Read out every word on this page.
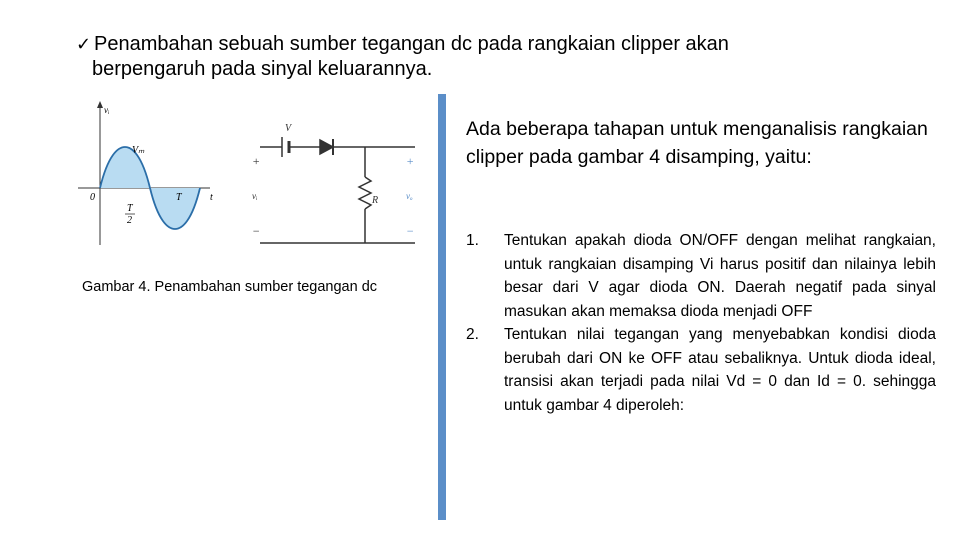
✓ Penambahan sebuah sumber tegangan dc pada rangkaian clipper akan
berpengaruh pada sinyal keluarannya.
vᵢ
Vₘ
0
T
2
T	t
V
R
+
vᵢ
−
+
vₒ
−
Gambar 4. Penambahan sumber tegangan dc
Ada beberapa tahapan untuk menganalisis rangkaian clipper pada gambar 4 disamping, yaitu:
1. Tentukan apakah dioda ON/OFF dengan melihat rangkaian, untuk rangkaian disamping Vi harus positif dan nilainya lebih besar dari V agar dioda ON. Daerah negatif pada sinyal masukan akan memaksa dioda menjadi OFF
2. Tentukan nilai tegangan yang menyebabkan kondisi dioda berubah dari ON ke OFF atau sebaliknya. Untuk dioda ideal, transisi akan terjadi pada nilai Vd = 0 dan Id = 0. sehingga untuk gambar 4 diperoleh:
